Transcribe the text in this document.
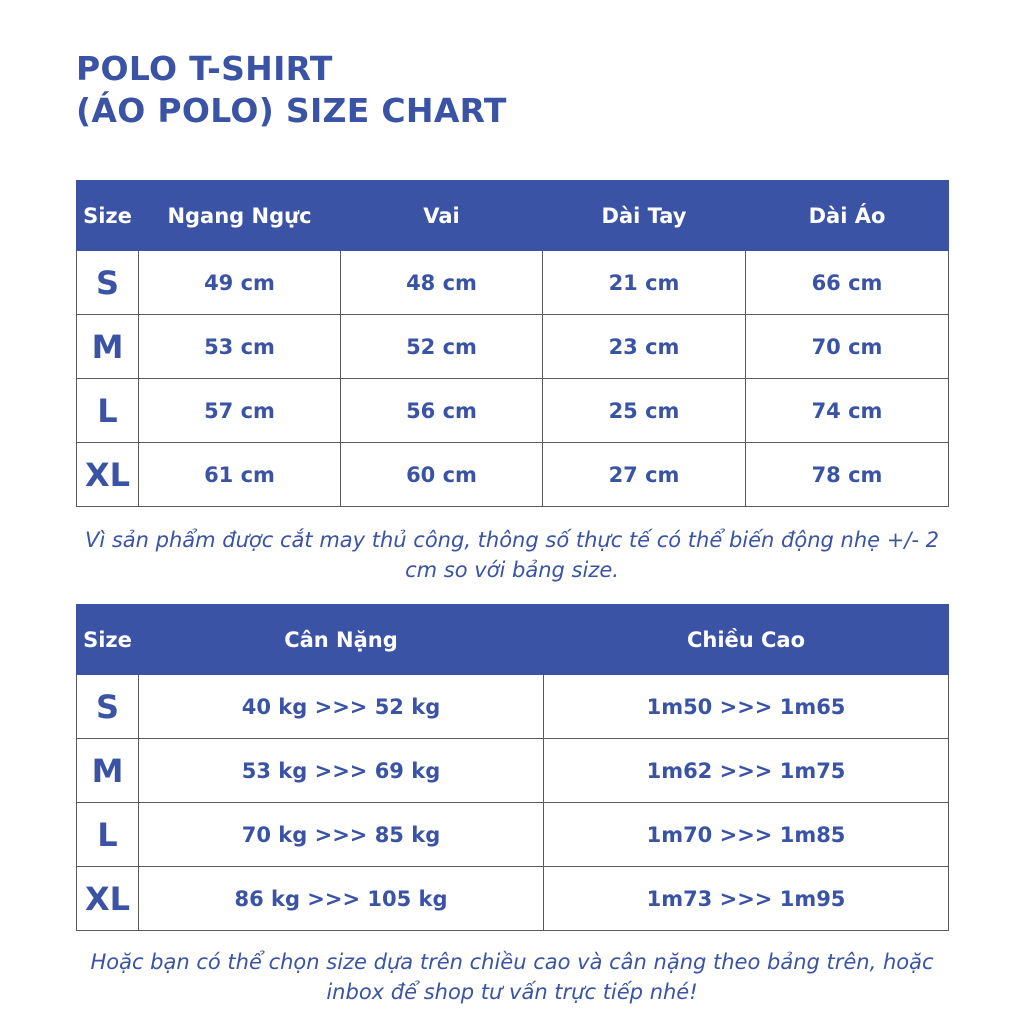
POLO T-SHIRT
(ÁO POLO) SIZE CHART
Size	Ngang Ngực	Vai	Dài Tay	Dài Áo
S	49 cm	48 cm	21 cm	66 cm
M	53 cm	52 cm	23 cm	70 cm
L	57 cm	56 cm	25 cm	74 cm
XL	61 cm	60 cm	27 cm	78 cm

Vì sản phẩm được cắt may thủ công, thông số thực tế có thể biến động nhẹ +/- 2 cm so với bảng size.

Size	Cân Nặng	Chiều Cao
S	40 kg >>> 52 kg	1m50 >>> 1m65
M	53 kg >>> 69 kg	1m62 >>> 1m75
L	70 kg >>> 85 kg	1m70 >>> 1m85
XL	86 kg >>> 105 kg	1m73 >>> 1m95

Hoặc bạn có thể chọn size dựa trên chiều cao và cân nặng theo bảng trên, hoặc inbox để shop tư vấn trực tiếp nhé!
